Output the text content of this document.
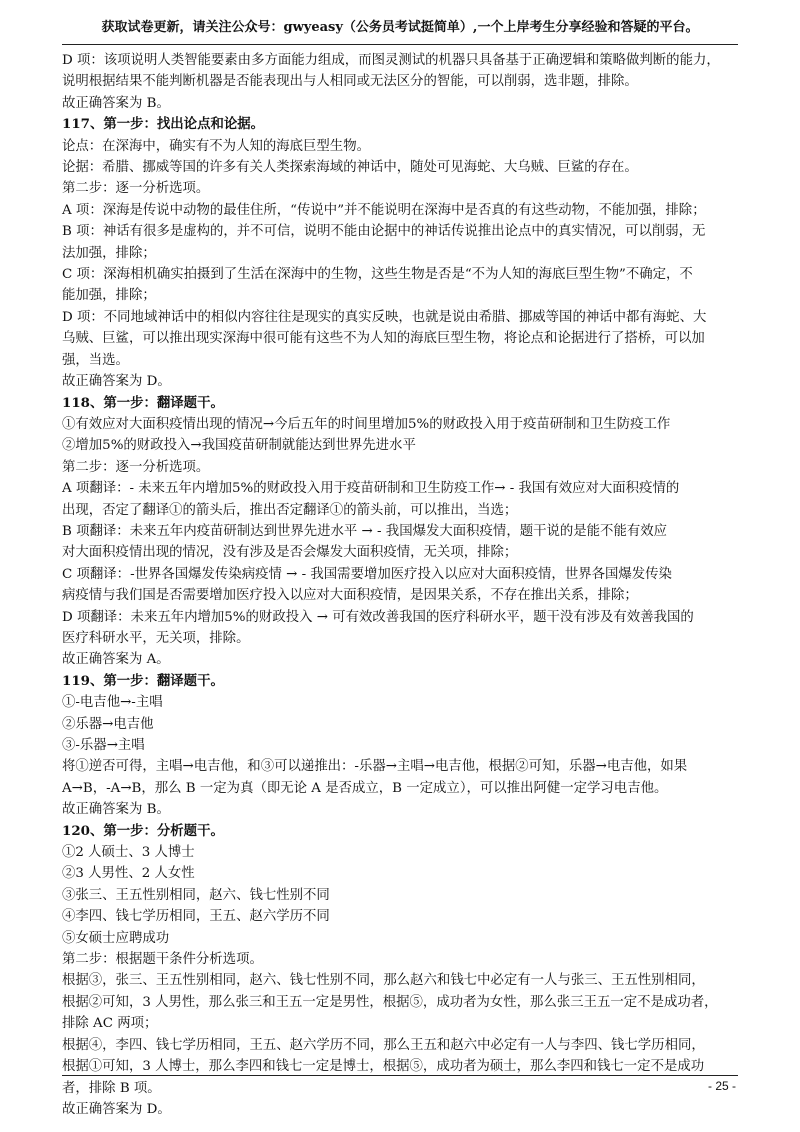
获取试卷更新，请关注公众号：gwyeasy（公务员考试挺简单）,一个上岸考生分享经验和答疑的平台。

D 项：该项说明人类智能要素由多方面能力组成，而图灵测试的机器只具备基于正确逻辑和策略做判断的能力，

说明根据结果不能判断机器是否能表现出与人相同或无法区分的智能，可以削弱，选非题，排除。

故正确答案为 B。

117、第一步：找出论点和论据。

论点：在深海中，确实有不为人知的海底巨型生物。

论据：希腊、挪威等国的许多有关人类探索海域的神话中，随处可见海蛇、大乌贼、巨鲨的存在。

第二步：逐一分析选项。

A 项：深海是传说中动物的最佳住所，“传说中”并不能说明在深海中是否真的有这些动物，不能加强，排除；

B 项：神话有很多是虚构的，并不可信，说明不能由论据中的神话传说推出论点中的真实情况，可以削弱，无

法加强，排除；

C 项：深海相机确实拍摄到了生活在深海中的生物，这些生物是否是“不为人知的海底巨型生物”不确定，不

能加强，排除；

D 项：不同地域神话中的相似内容往往是现实的真实反映，也就是说由希腊、挪威等国的神话中都有海蛇、大

乌贼、巨鲨，可以推出现实深海中很可能有这些不为人知的海底巨型生物，将论点和论据进行了搭桥，可以加

强，当选。

故正确答案为 D。

118、第一步：翻译题干。

①有效应对大面积疫情出现的情况→今后五年的时间里增加5%的财政投入用于疫苗研制和卫生防疫工作

②增加5%的财政投入→我国疫苗研制就能达到世界先进水平

第二步：逐一分析选项。

A 项翻译：- 未来五年内增加5%的财政投入用于疫苗研制和卫生防疫工作→ - 我国有效应对大面积疫情的

出现，否定了翻译①的箭头后，推出否定翻译①的箭头前，可以推出，当选；

B 项翻译：未来五年内疫苗研制达到世界先进水平 → - 我国爆发大面积疫情，题干说的是能不能有效应

对大面积疫情出现的情况，没有涉及是否会爆发大面积疫情，无关项，排除；

C 项翻译：-世界各国爆发传染病疫情 → - 我国需要增加医疗投入以应对大面积疫情，世界各国爆发传染

病疫情与我们国是否需要增加医疗投入以应对大面积疫情，是因果关系，不存在推出关系，排除；

D 项翻译：未来五年内增加5%的财政投入 → 可有效改善我国的医疗科研水平，题干没有涉及有效善我国的

医疗科研水平，无关项，排除。

故正确答案为 A。

119、第一步：翻译题干。

①-电吉他→-主唱

②乐器→电吉他

③-乐器→主唱

将①逆否可得，主唱→电吉他，和③可以递推出：-乐器→主唱→电吉他，根据②可知，乐器→电吉他，如果

A→B，-A→B，那么 B 一定为真（即无论 A 是否成立，B 一定成立），可以推出阿健一定学习电吉他。

故正确答案为 B。

120、第一步：分析题干。

①2 人硕士、3 人博士

②3 人男性、2 人女性

③张三、王五性别相同，赵六、钱七性别不同

④李四、钱七学历相同，王五、赵六学历不同

⑤女硕士应聘成功

第二步：根据题干条件分析选项。

根据③，张三、王五性别相同，赵六、钱七性别不同，那么赵六和钱七中必定有一人与张三、王五性别相同，

根据②可知，3 人男性，那么张三和王五一定是男性，根据⑤，成功者为女性，那么张三王五一定不是成功者，

排除 AC 两项；

根据④，李四、钱七学历相同，王五、赵六学历不同，那么王五和赵六中必定有一人与李四、钱七学历相同，

根据①可知，3 人博士，那么李四和钱七一定是博士，根据⑤，成功者为硕士，那么李四和钱七一定不是成功

者，排除 B 项。

故正确答案为 D。

- 25 -
